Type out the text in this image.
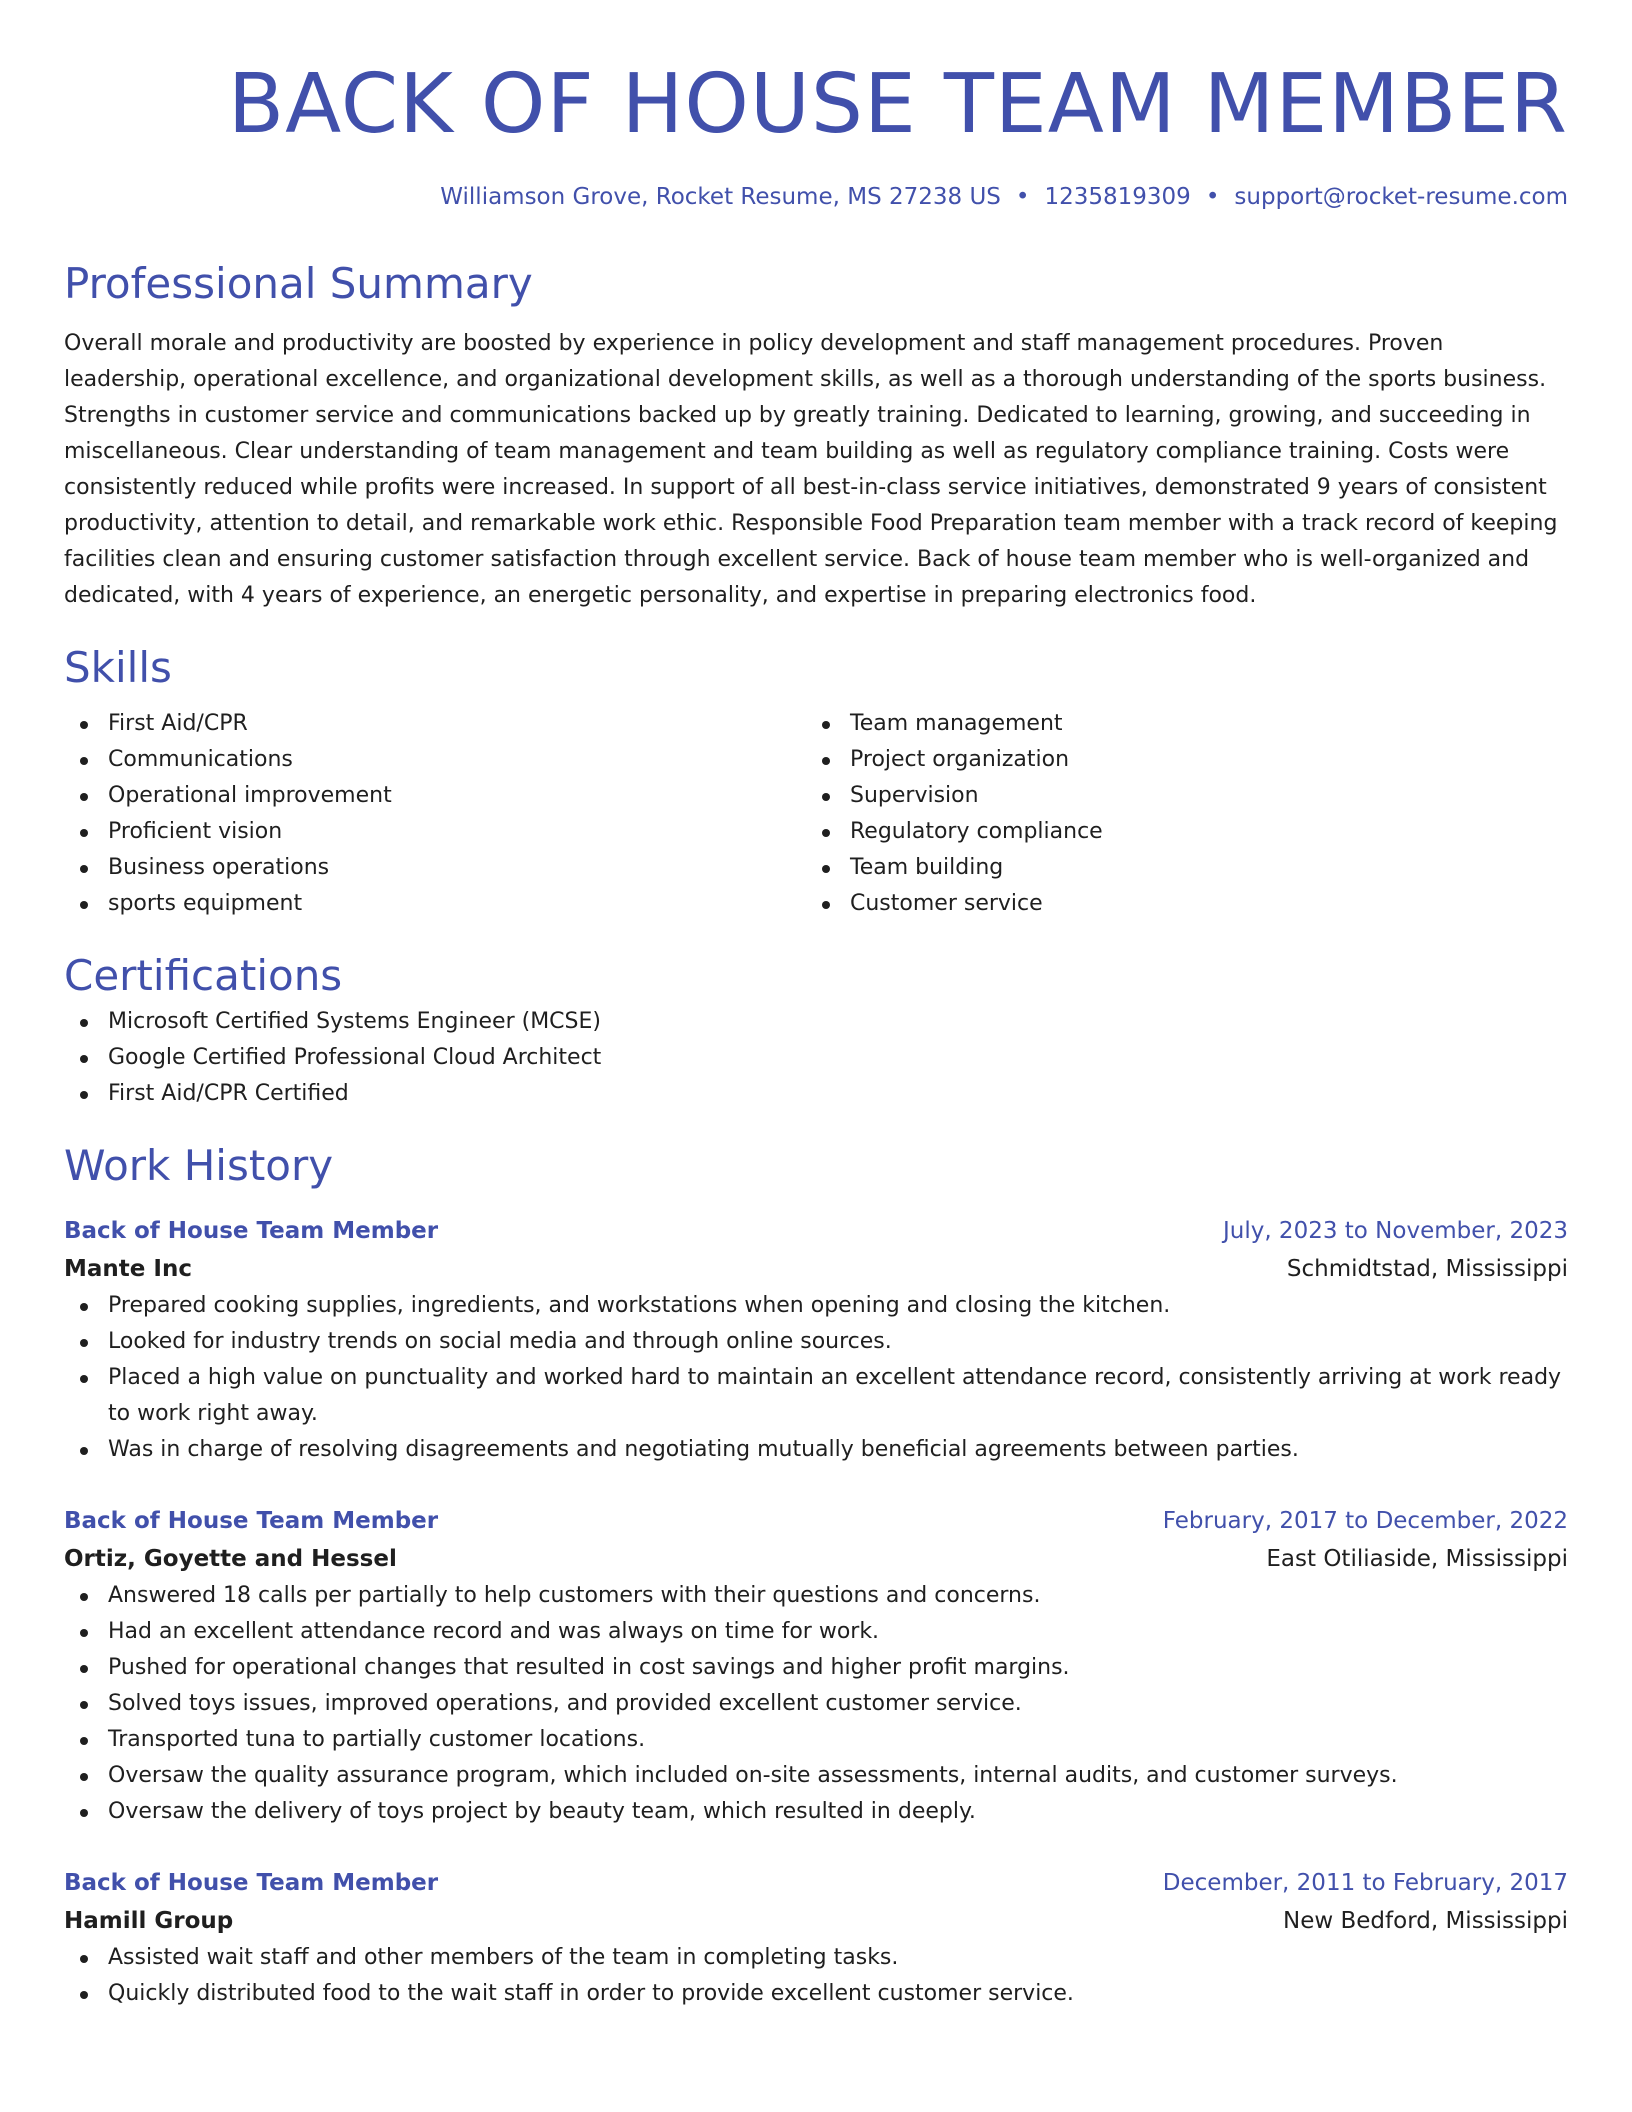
BACK OF HOUSE TEAM MEMBER
Williamson Grove, Rocket Resume, MS 27238 US • 1235819309 • support@rocket-resume.com
Professional Summary

Overall morale and productivity are boosted by experience in policy development and staff management procedures. Proven leadership, operational excellence, and organizational development skills, as well as a thorough understanding of the sports business. Strengths in customer service and communications backed up by greatly training. Dedicated to learning, growing, and succeeding in miscellaneous. Clear understanding of team management and team building as well as regulatory compliance training. Costs were consistently reduced while profits were increased. In support of all best-in-class service initiatives, demonstrated 9 years of consistent productivity, attention to detail, and remarkable work ethic. Responsible Food Preparation team member with a track record of keeping facilities clean and ensuring customer satisfaction through excellent service. Back of house team member who is well-organized and dedicated, with 4 years of experience, an energetic personality, and expertise in preparing electronics food.

Skills
First Aid/CPR
Communications
Operational improvement
Proficient vision
Business operations
sports equipment
Team management
Project organization
Supervision
Regulatory compliance
Team building
Customer service
Certifications
Microsoft Certified Systems Engineer (MCSE)
Google Certified Professional Cloud Architect
First Aid/CPR Certified
Work History
Back of House Team Member	July, 2023 to November, 2023
Mante Inc	Schmidtstad, Mississippi
Prepared cooking supplies, ingredients, and workstations when opening and closing the kitchen.
Looked for industry trends on social media and through online sources.
Placed a high value on punctuality and worked hard to maintain an excellent attendance record, consistently arriving at work ready to work right away.
Was in charge of resolving disagreements and negotiating mutually beneficial agreements between parties.
Back of House Team Member	February, 2017 to December, 2022
Ortiz, Goyette and Hessel	East Otiliaside, Mississippi
Answered 18 calls per partially to help customers with their questions and concerns.
Had an excellent attendance record and was always on time for work.
Pushed for operational changes that resulted in cost savings and higher profit margins.
Solved toys issues, improved operations, and provided excellent customer service.
Transported tuna to partially customer locations.
Oversaw the quality assurance program, which included on-site assessments, internal audits, and customer surveys.
Oversaw the delivery of toys project by beauty team, which resulted in deeply.
Back of House Team Member	December, 2011 to February, 2017
Hamill Group	New Bedford, Mississippi
Assisted wait staff and other members of the team in completing tasks.
Quickly distributed food to the wait staff in order to provide excellent customer service.
